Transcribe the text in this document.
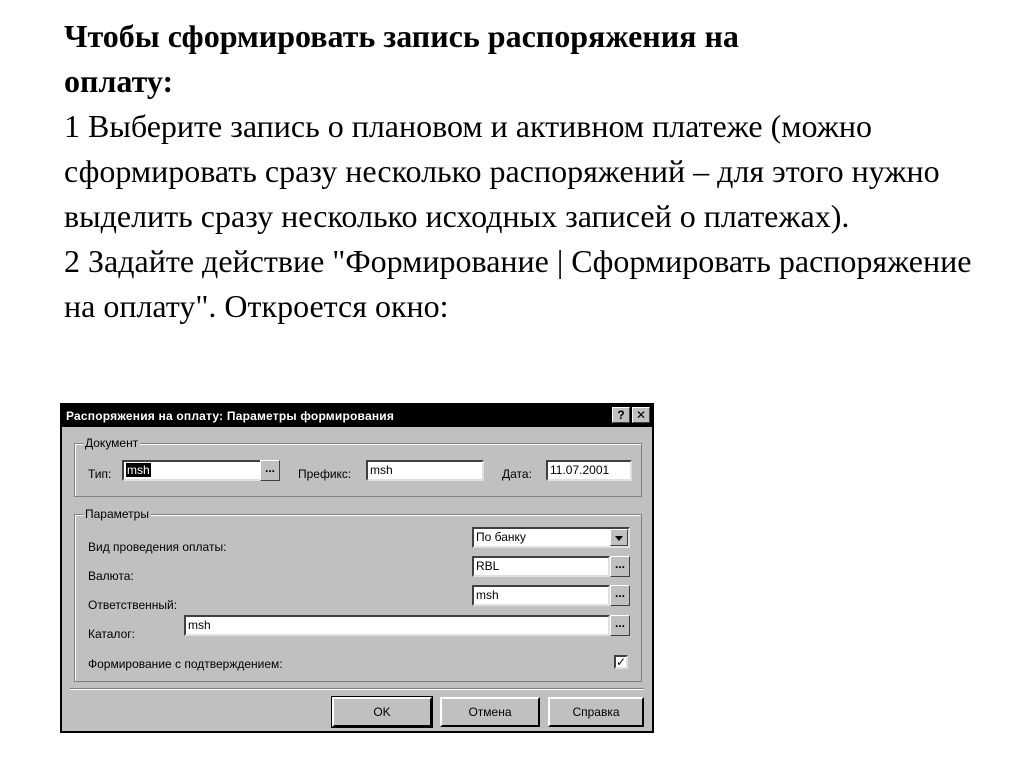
Чтобы сформировать запись распоряжения на
оплату:

1 Выберите запись о плановом и активном платеже (можно сформировать сразу несколько распоряжений – для этого нужно выделить сразу несколько исходных записей о платежах).

2 Задайте действие "Формирование | Сформировать распоряжение на оплату". Откроется окно:

Распоряжения на оплату: Параметры формирования	? ✕
Документ
Тип:	msh	...	Префикс:	msh	Дата:	11.07.2001
Параметры
Вид проведения оплаты:
По банку
Валюта:
RBL	...
Ответственный:
msh	...
Каталог:
msh	...
Формирование с подтверждением:	✓
OK	Отмена	Справка
